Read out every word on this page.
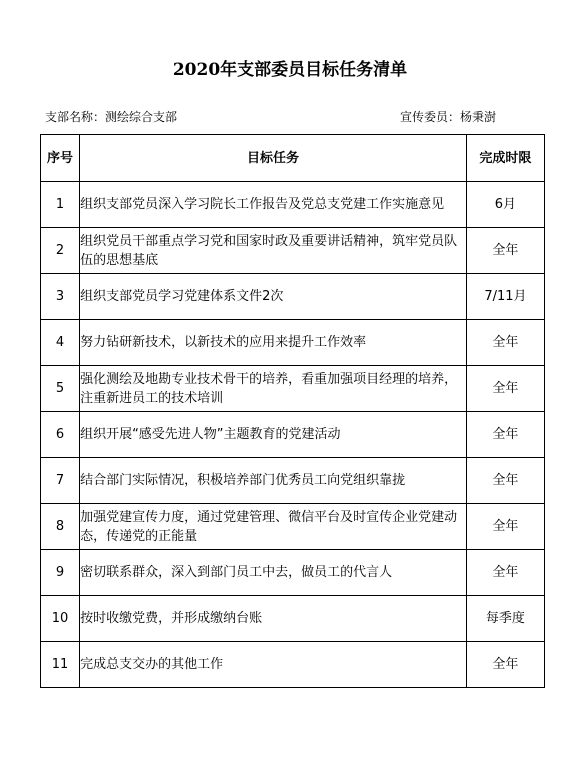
2020年支部委员目标任务清单
支部名称：测绘综合支部	宣传委员：杨秉澍
序号	目标任务	完成时限
1	组织支部党员深入学习院长工作报告及党总支党建工作实施意见	6月
2	组织党员干部重点学习党和国家时政及重要讲话精神，筑牢党员队伍的思想基底	全年
3	组织支部党员学习党建体系文件2次	7/11月
4	努力钻研新技术，以新技术的应用来提升工作效率	全年
5	强化测绘及地勘专业技术骨干的培养，看重加强项目经理的培养，注重新进员工的技术培训	全年
6	组织开展“感受先进人物”主题教育的党建活动	全年
7	结合部门实际情况，积极培养部门优秀员工向党组织靠拢	全年
8	加强党建宣传力度，通过党建管理、微信平台及时宣传企业党建动态，传递党的正能量	全年
9	密切联系群众，深入到部门员工中去，做员工的代言人	全年
10	按时收缴党费，并形成缴纳台账	每季度
11	完成总支交办的其他工作	全年
